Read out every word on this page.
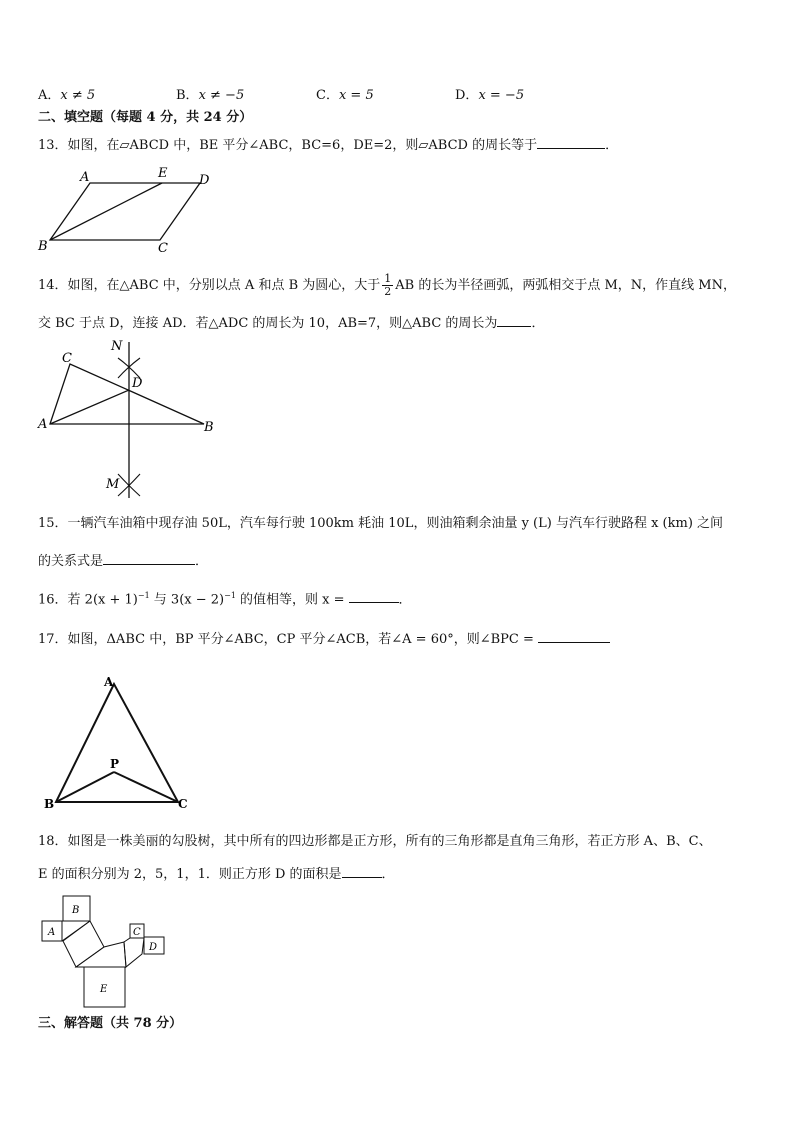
A．x ≠ 5	B．x ≠ −5	C．x = 5	D．x = −5
二、填空题（每题 4 分，共 24 分）
13．如图，在▱ABCD 中，BE 平分∠ABC，BC=6，DE=2，则▱ABCD 的周长等于	．
A	E D
B	C
14．如图，在△ABC 中，分别以点 A 和点 B 为圆心，大于 $\frac{1}{2}$ AB 的长为半径画弧，两弧相交于点 M，N，作直线 MN，
交 BC 于点 D，连接 AD．若△ADC 的周长为 10，AB=7，则△ABC 的周长为	．
N
C
D
A	B
M
15．一辆汽车油箱中现存油 50L，汽车每行驶 100km 耗油 10L，则油箱剩余油量 y (L) 与汽车行驶路程 x (km) 之间
的关系式是	．
16．若 $2(x + 1)^{-1}$ 与 $3(x - 2)^{-1}$ 的值相等，则 x =	．
17．如图，ΔABC 中，BP 平分∠ABC，CP 平分∠ACB，若∠A = 60°，则∠BPC =
A
P
B	C
18．如图是一株美丽的勾股树，其中所有的四边形都是正方形，所有的三角形都是直角三角形，若正方形 A、B、C、
E 的面积分别为 2，5，1，1．则正方形 D 的面积是	．
B
A	C
D
E
三、解答题（共 78 分）
